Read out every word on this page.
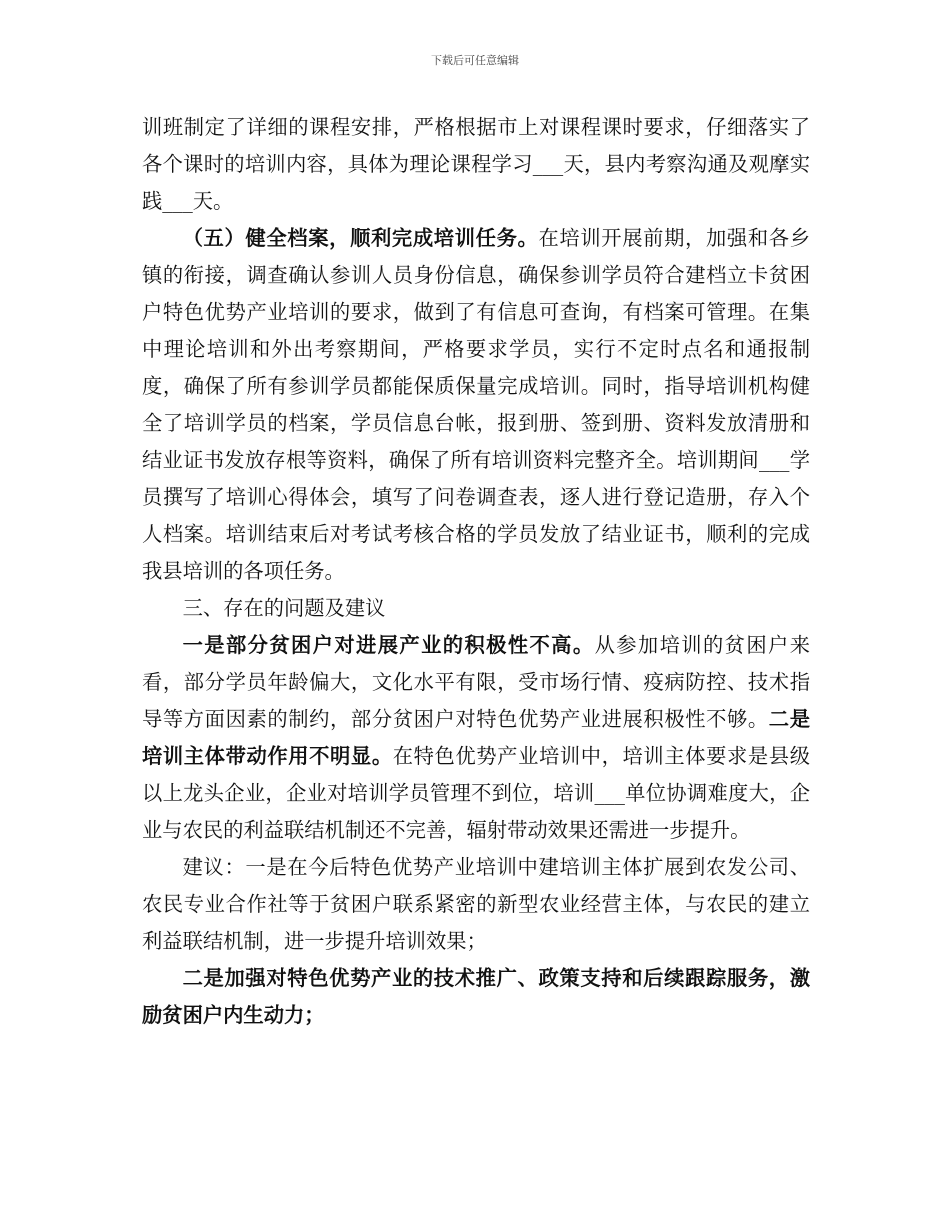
下载后可任意编辑

训班制定了详细的课程安排，严格根据市上对课程课时要求，仔细落实了各个课时的培训内容，具体为理论课程学习___天，县内考察沟通及观摩实践___天。

（五）健全档案，顺利完成培训任务。在培训开展前期，加强和各乡镇的衔接，调查确认参训人员身份信息，确保参训学员符合建档立卡贫困户特色优势产业培训的要求，做到了有信息可查询，有档案可管理。在集中理论培训和外出考察期间，严格要求学员，实行不定时点名和通报制度，确保了所有参训学员都能保质保量完成培训。同时，指导培训机构健全了培训学员的档案，学员信息台帐，报到册、签到册、资料发放清册和结业证书发放存根等资料，确保了所有培训资料完整齐全。培训期间___学员撰写了培训心得体会，填写了问卷调查表，逐人进行登记造册，存入个人档案。培训结束后对考试考核合格的学员发放了结业证书，顺利的完成我县培训的各项任务。

三、存在的问题及建议

一是部分贫困户对进展产业的积极性不高。从参加培训的贫困户来看，部分学员年龄偏大，文化水平有限，受市场行情、疫病防控、技术指导等方面因素的制约，部分贫困户对特色优势产业进展积极性不够。二是培训主体带动作用不明显。在特色优势产业培训中，培训主体要求是县级以上龙头企业，企业对培训学员管理不到位，培训___单位协调难度大，企业与农民的利益联结机制还不完善，辐射带动效果还需进一步提升。

建议：一是在今后特色优势产业培训中建培训主体扩展到农发公司、农民专业合作社等于贫困户联系紧密的新型农业经营主体，与农民的建立利益联结机制，进一步提升培训效果；

二是加强对特色优势产业的技术推广、政策支持和后续跟踪服务，激励贫困户内生动力；
